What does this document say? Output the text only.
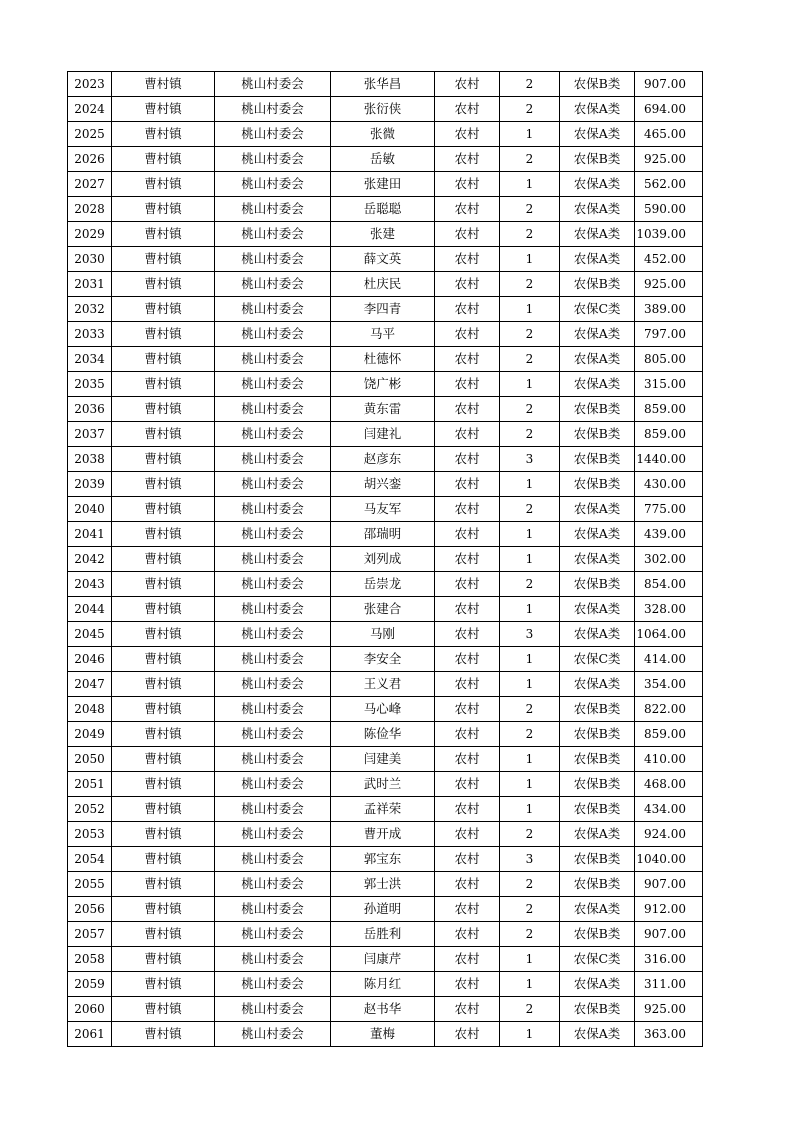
2023	曹村镇	桃山村委会	张华昌	农村	2	农保B类	907.00
2024	曹村镇	桃山村委会	张衍侠	农村	2	农保A类	694.00
2025	曹村镇	桃山村委会	张微	农村	1	农保A类	465.00
2026	曹村镇	桃山村委会	岳敏	农村	2	农保B类	925.00
2027	曹村镇	桃山村委会	张建田	农村	1	农保A类	562.00
2028	曹村镇	桃山村委会	岳聪聪	农村	2	农保A类	590.00
2029	曹村镇	桃山村委会	张建	农村	2	农保A类	1039.00
2030	曹村镇	桃山村委会	薛文英	农村	1	农保A类	452.00
2031	曹村镇	桃山村委会	杜庆民	农村	2	农保B类	925.00
2032	曹村镇	桃山村委会	李四青	农村	1	农保C类	389.00
2033	曹村镇	桃山村委会	马平	农村	2	农保A类	797.00
2034	曹村镇	桃山村委会	杜德怀	农村	2	农保A类	805.00
2035	曹村镇	桃山村委会	饶广彬	农村	1	农保A类	315.00
2036	曹村镇	桃山村委会	黄东雷	农村	2	农保B类	859.00
2037	曹村镇	桃山村委会	闫建礼	农村	2	农保B类	859.00
2038	曹村镇	桃山村委会	赵彦东	农村	3	农保B类	1440.00
2039	曹村镇	桃山村委会	胡兴銮	农村	1	农保B类	430.00
2040	曹村镇	桃山村委会	马友军	农村	2	农保A类	775.00
2041	曹村镇	桃山村委会	邵瑞明	农村	1	农保A类	439.00
2042	曹村镇	桃山村委会	刘列成	农村	1	农保A类	302.00
2043	曹村镇	桃山村委会	岳崇龙	农村	2	农保B类	854.00
2044	曹村镇	桃山村委会	张建合	农村	1	农保A类	328.00
2045	曹村镇	桃山村委会	马刚	农村	3	农保A类	1064.00
2046	曹村镇	桃山村委会	李安全	农村	1	农保C类	414.00
2047	曹村镇	桃山村委会	王义君	农村	1	农保A类	354.00
2048	曹村镇	桃山村委会	马心峰	农村	2	农保B类	822.00
2049	曹村镇	桃山村委会	陈俭华	农村	2	农保B类	859.00
2050	曹村镇	桃山村委会	闫建美	农村	1	农保B类	410.00
2051	曹村镇	桃山村委会	武时兰	农村	1	农保B类	468.00
2052	曹村镇	桃山村委会	孟祥荣	农村	1	农保B类	434.00
2053	曹村镇	桃山村委会	曹开成	农村	2	农保A类	924.00
2054	曹村镇	桃山村委会	郭宝东	农村	3	农保B类	1040.00
2055	曹村镇	桃山村委会	郭士洪	农村	2	农保B类	907.00
2056	曹村镇	桃山村委会	孙道明	农村	2	农保A类	912.00
2057	曹村镇	桃山村委会	岳胜利	农村	2	农保B类	907.00
2058	曹村镇	桃山村委会	闫康芹	农村	1	农保C类	316.00
2059	曹村镇	桃山村委会	陈月红	农村	1	农保A类	311.00
2060	曹村镇	桃山村委会	赵书华	农村	2	农保B类	925.00
2061	曹村镇	桃山村委会	董梅	农村	1	农保A类	363.00
